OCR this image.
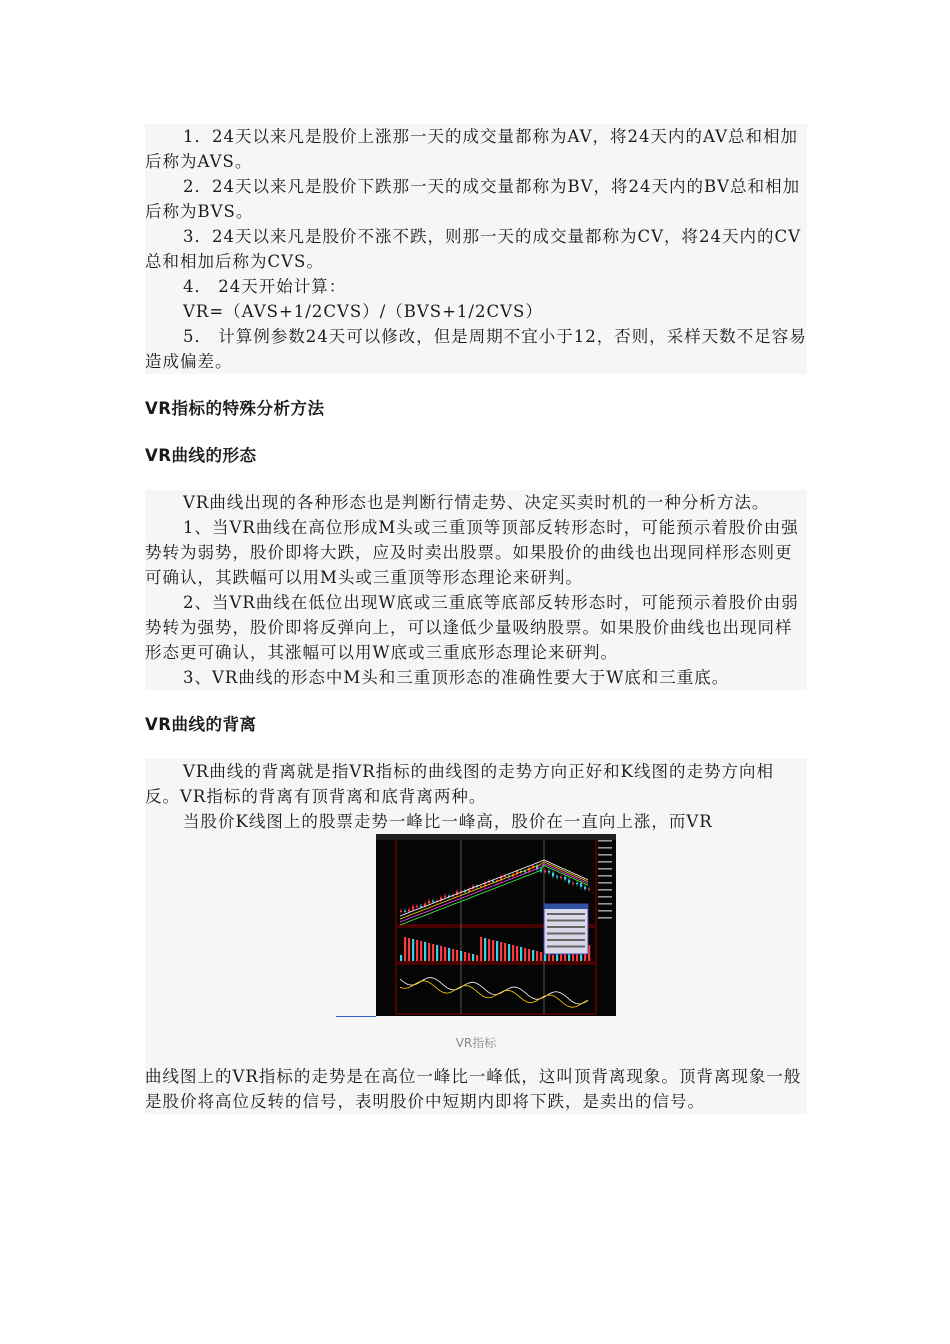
1．24天以来凡是股价上涨那一天的成交量都称为AV，将24天内的AV总和相加后称为AVS。

2．24天以来凡是股价下跌那一天的成交量都称为BV，将24天内的BV总和相加后称为BVS。

3．24天以来凡是股价不涨不跌，则那一天的成交量都称为CV，将24天内的CV总和相加后称为CVS。

4． 24天开始计算：

VR=（AVS+1/2CVS）/（BVS+1/2CVS）

5． 计算例参数24天可以修改，但是周期不宜小于12，否则，采样天数不足容易造成偏差。

VR指标的特殊分析方法
VR曲线的形态

VR曲线出现的各种形态也是判断行情走势、决定买卖时机的一种分析方法。

1、当VR曲线在高位形成M头或三重顶等顶部反转形态时，可能预示着股价由强势转为弱势，股价即将大跌，应及时卖出股票。如果股价的曲线也出现同样形态则更可确认，其跌幅可以用M头或三重顶等形态理论来研判。

2、当VR曲线在低位出现W底或三重底等底部反转形态时，可能预示着股价由弱势转为强势，股价即将反弹向上，可以逢低少量吸纳股票。如果股价曲线也出现同样形态更可确认，其涨幅可以用W底或三重底形态理论来研判。

3、VR曲线的形态中M头和三重顶形态的准确性要大于W底和三重底。

VR曲线的背离

VR曲线的背离就是指VR指标的曲线图的走势方向正好和K线图的走势方向相反。VR指标的背离有顶背离和底背离两种。

当股价K线图上的股票走势一峰比一峰高，股价在一直向上涨，而VR

VR指标

曲线图上的VR指标的走势是在高位一峰比一峰低，这叫顶背离现象。顶背离现象一般是股价将高位反转的信号，表明股价中短期内即将下跌，是卖出的信号。
